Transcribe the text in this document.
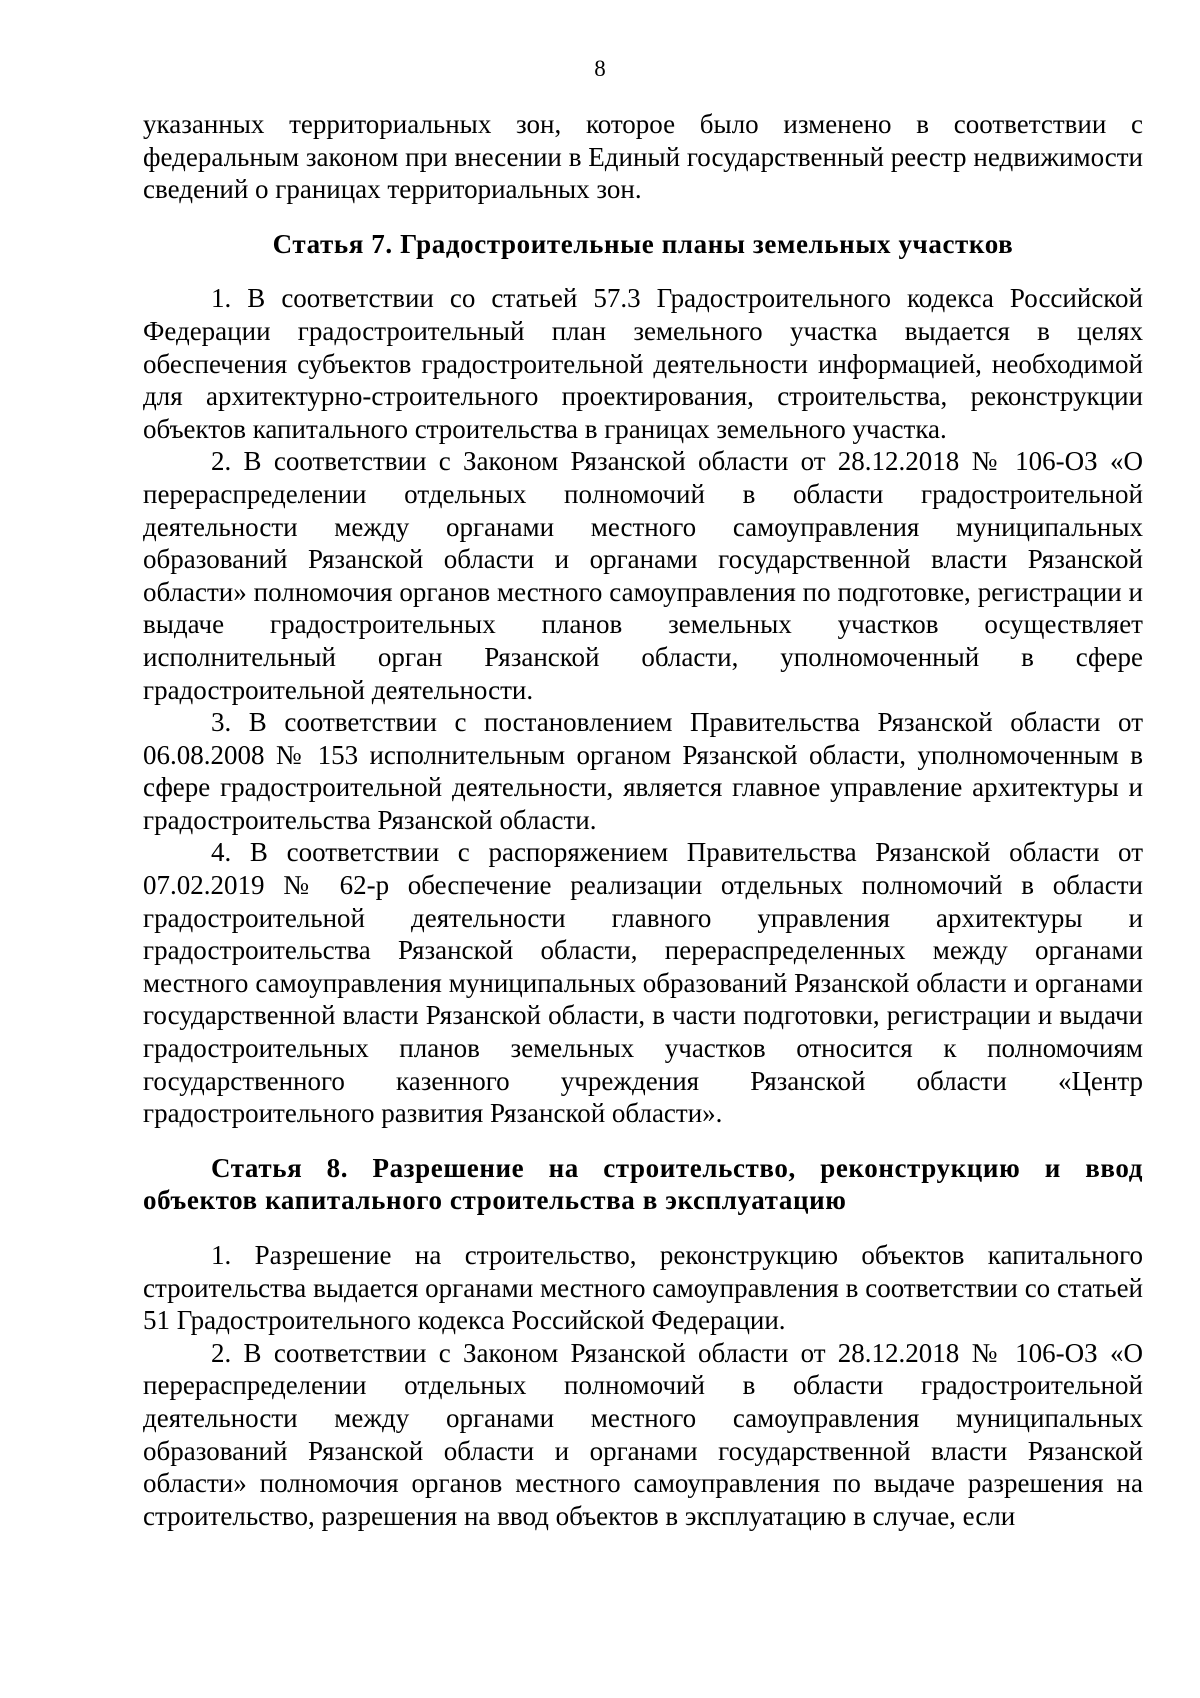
8

указанных территориальных зон, которое было изменено в соответствии с федеральным законом при внесении в Единый государственный реестр недвижимости сведений о границах территориальных зон.

Статья 7. Градостроительные планы земельных участков

1. В соответствии со статьей 57.3 Градостроительного кодекса Российской Федерации градостроительный план земельного участка выдается в целях обеспечения субъектов градостроительной деятельности информацией, необходимой для архитектурно-строительного проектирования, строительства, реконструкции объектов капитального строительства в границах земельного участка.

2. В соответствии с Законом Рязанской области от 28.12.2018 № 106-ОЗ «О перераспределении отдельных полномочий в области градостроительной деятельности между органами местного самоуправления муниципальных образований Рязанской области и органами государственной власти Рязанской области» полномочия органов местного самоуправления по подготовке, регистрации и выдаче градостроительных планов земельных участков осуществляет исполнительный орган Рязанской области, уполномоченный в сфере градостроительной деятельности.

3. В соответствии с постановлением Правительства Рязанской области от 06.08.2008 № 153 исполнительным органом Рязанской области, уполномоченным в сфере градостроительной деятельности, является главное управление архитектуры и градостроительства Рязанской области.

4. В соответствии с распоряжением Правительства Рязанской области от 07.02.2019 № 62-р обеспечение реализации отдельных полномочий в области градостроительной деятельности главного управления архитектуры и градостроительства Рязанской области, перераспределенных между органами местного самоуправления муниципальных образований Рязанской области и органами государственной власти Рязанской области, в части подготовки, регистрации и выдачи градостроительных планов земельных участков относится к полномочиям государственного казенного учреждения Рязанской области «Центр градостроительного развития Рязанской области».

Статья 8. Разрешение на строительство, реконструкцию и ввод объектов капитального строительства в эксплуатацию

1. Разрешение на строительство, реконструкцию объектов капитального строительства выдается органами местного самоуправления в соответствии со статьей 51 Градостроительного кодекса Российской Федерации.

2. В соответствии с Законом Рязанской области от 28.12.2018 № 106-ОЗ «О перераспределении отдельных полномочий в области градостроительной деятельности между органами местного самоуправления муниципальных образований Рязанской области и органами государственной власти Рязанской области» полномочия органов местного самоуправления по выдаче разрешения на строительство, разрешения на ввод объектов в эксплуатацию в случае, если
